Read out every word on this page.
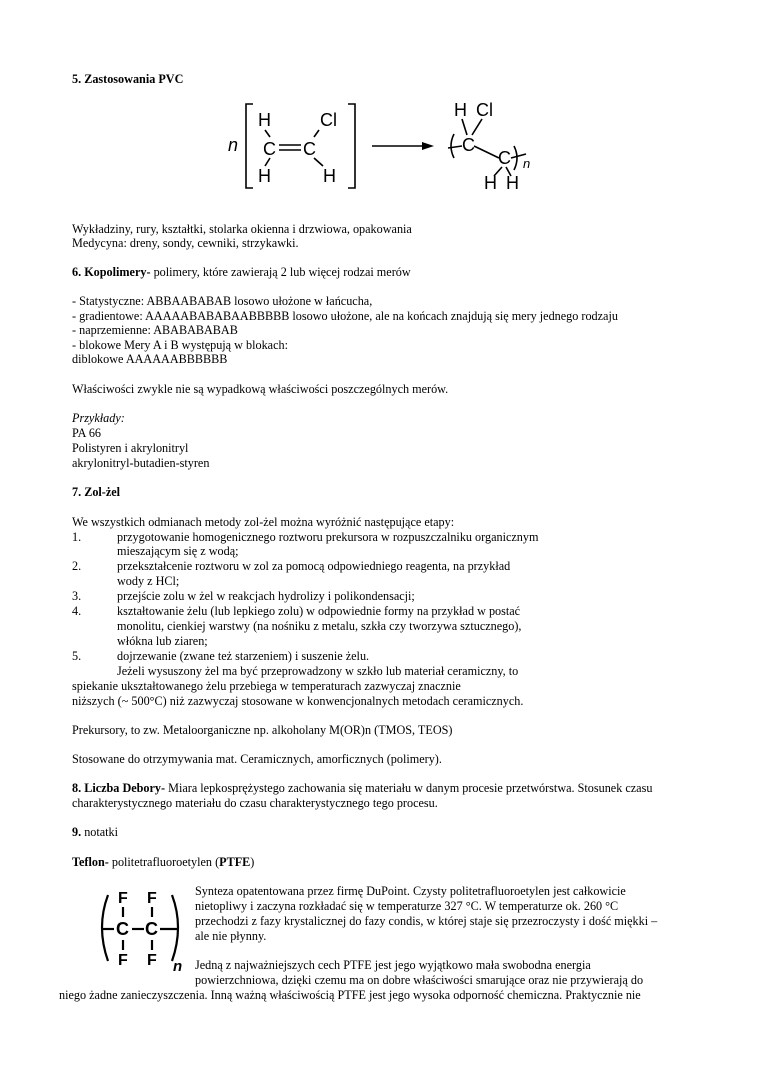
5. Zastosowania PVC
n
H	Cl
C C
H	H
H Cl
C
C
H H
n
Wykładziny, rury, kształtki, stolarka okienna i drzwiowa, opakowania
Medycyna: dreny, sondy, cewniki, strzykawki.
6. Kopolimery- polimery, które zawierają 2 lub więcej rodzai merów
- Statystyczne: ABBAABABAB losowo ułożone w łańcucha,
- gradientowe: AAAAABABABAABBBBB losowo ułożone, ale na końcach znajdują się mery jednego rodzaju
- naprzemienne: ABABABABAB
- blokowe Mery A i B występują w blokach:
diblokowe AAAAAABBBBBB
Właściwości zwykle nie są wypadkową właściwości poszczególnych merów.
Przykłady:
PA 66
Polistyren i akrylonitryl
akrylonitryl-butadien-styren
7. Zol-żel
We wszystkich odmianach metody zol-żel można wyróżnić następujące etapy:
1.	przygotowanie homogenicznego roztworu prekursora w rozpuszczalniku organicznym
mieszającym się z wodą;
2.	przekształcenie roztworu w zol za pomocą odpowiedniego reagenta, na przykład
wody z HCl;
3.	przejście zolu w żel w reakcjach hydrolizy i polikondensacji;
4.	kształtowanie żelu (lub lepkiego zolu) w odpowiednie formy na przykład w postać
monolitu, cienkiej warstwy (na nośniku z metalu, szkła czy tworzywa sztucznego),
włókna lub ziaren;
5.	dojrzewanie (zwane też starzeniem) i suszenie żelu.
Jeżeli wysuszony żel ma być przeprowadzony w szkło lub materiał ceramiczny, to
spiekanie ukształtowanego żelu przebiega w temperaturach zazwyczaj znacznie
niższych (~ 500°C) niż zazwyczaj stosowane w konwencjonalnych metodach ceramicznych.
Prekursory, to zw. Metaloorganiczne np. alkoholany M(OR)n (TMOS, TEOS)
Stosowane do otrzymywania mat. Ceramicznych, amorficznych (polimery).
8. Liczba Debory- Miara lepkosprężystego zachowania się materiału w danym procesie przetwórstwa. Stosunek czasu
charakterystycznego materiału do czasu charakterystycznego tego procesu.
9. notatki
Teflon- politetrafluoroetylen (PTFE)
F F
C C
F F n
Synteza opatentowana przez firmę DuPoint. Czysty politetrafluoroetylen jest całkowicie
nietopliwy i zaczyna rozkładać się w temperaturze 327 °C. W temperaturze ok. 260 °C
przechodzi z fazy krystalicznej do fazy condis, w której staje się przezroczysty i dość miękki –
ale nie płynny.
Jedną z najważniejszych cech PTFE jest jego wyjątkowo mała swobodna energia
powierzchniowa, dzięki czemu ma on dobre właściwości smarujące oraz nie przywierają do
niego żadne zanieczyszczenia. Inną ważną właściwością PTFE jest jego wysoka odporność chemiczna. Praktycznie nie
